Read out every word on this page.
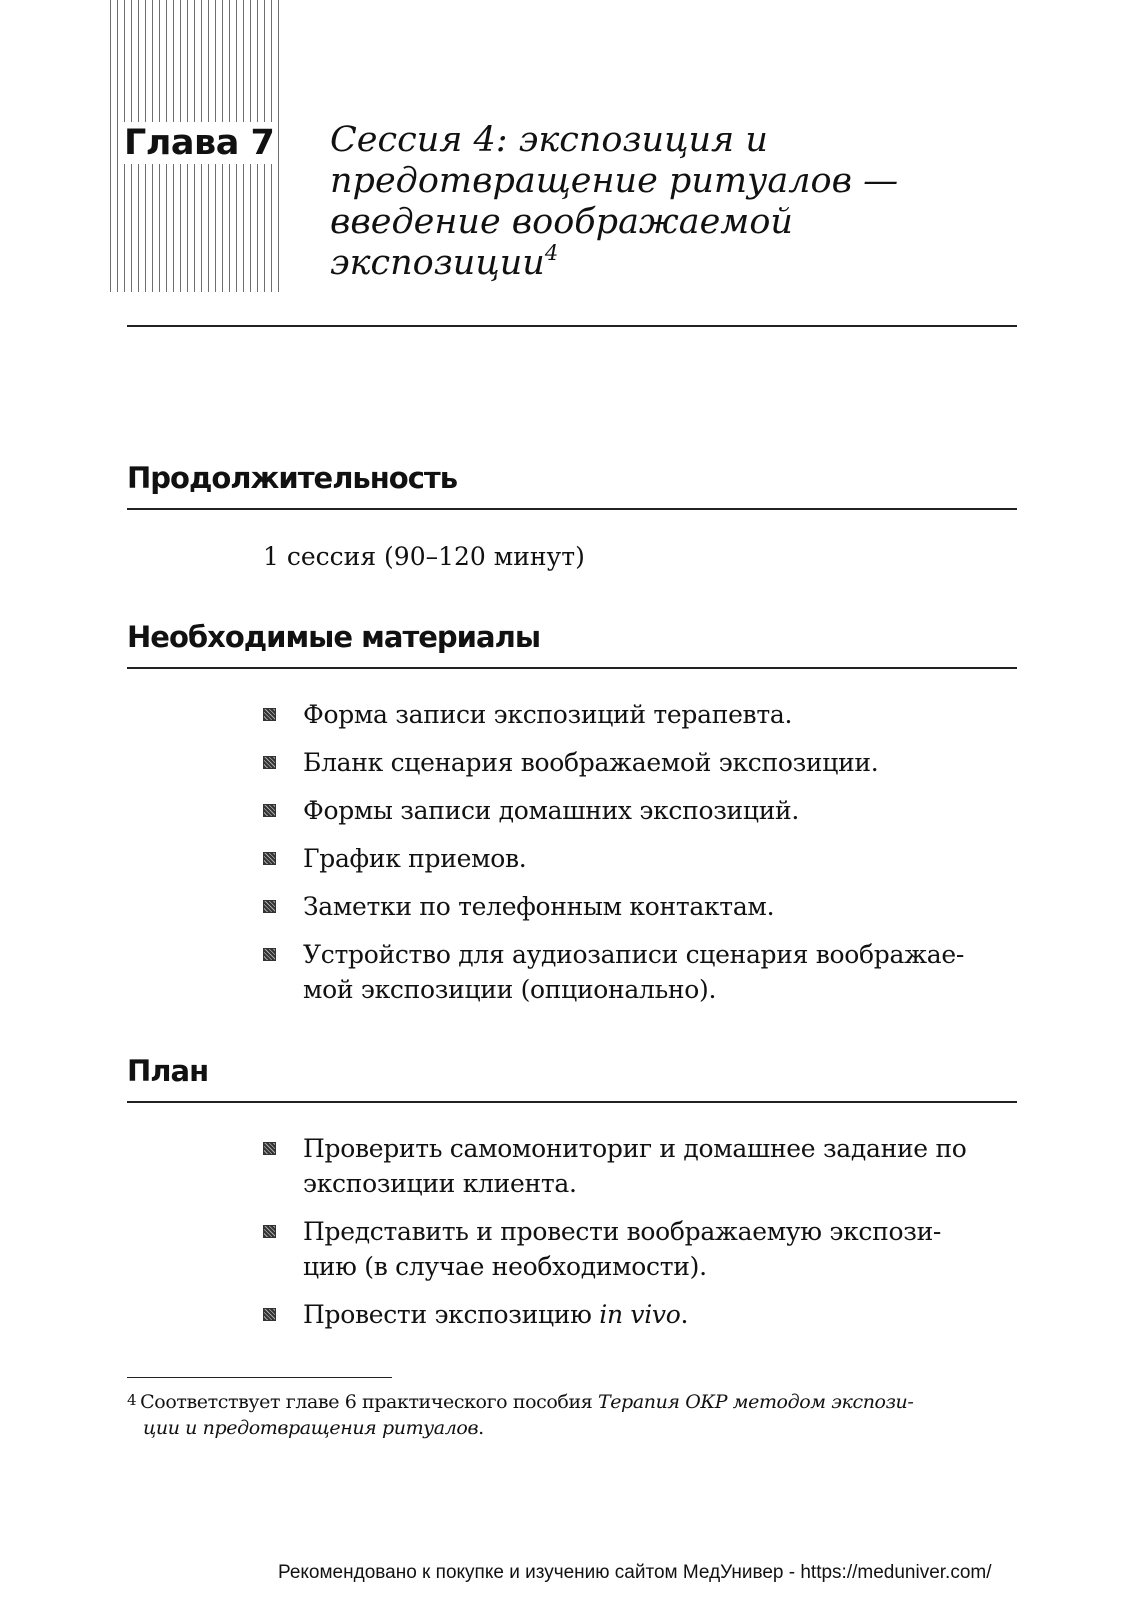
Глава 7 Сессия 4: экспозиция и
предотвращение ритуалов —
введение воображаемой
экспозиции$^4$
Продолжительность
1 сессия (90–120 минут)
Необходимые материалы
Форма записи экспозиций терапевта.
Бланк сценария воображаемой экспозиции.
Формы записи домашних экспозиций.
График приемов.
Заметки по телефонным контактам.
Устройство для аудиозаписи сценария воображае-
мой экспозиции (опционально).
План
Проверить самомониториг и домашнее задание по
экспозиции клиента.
Представить и провести воображаемую экспози-
цию (в случае необходимости).
Провести экспозицию in vivo.
4 Соответствует главе 6 практического пособия Терапия ОКР методом экспози-
ции и предотвращения ритуалов.
Рекомендовано к покупке и изучению сайтом МедУнивер - https://meduniver.com/
